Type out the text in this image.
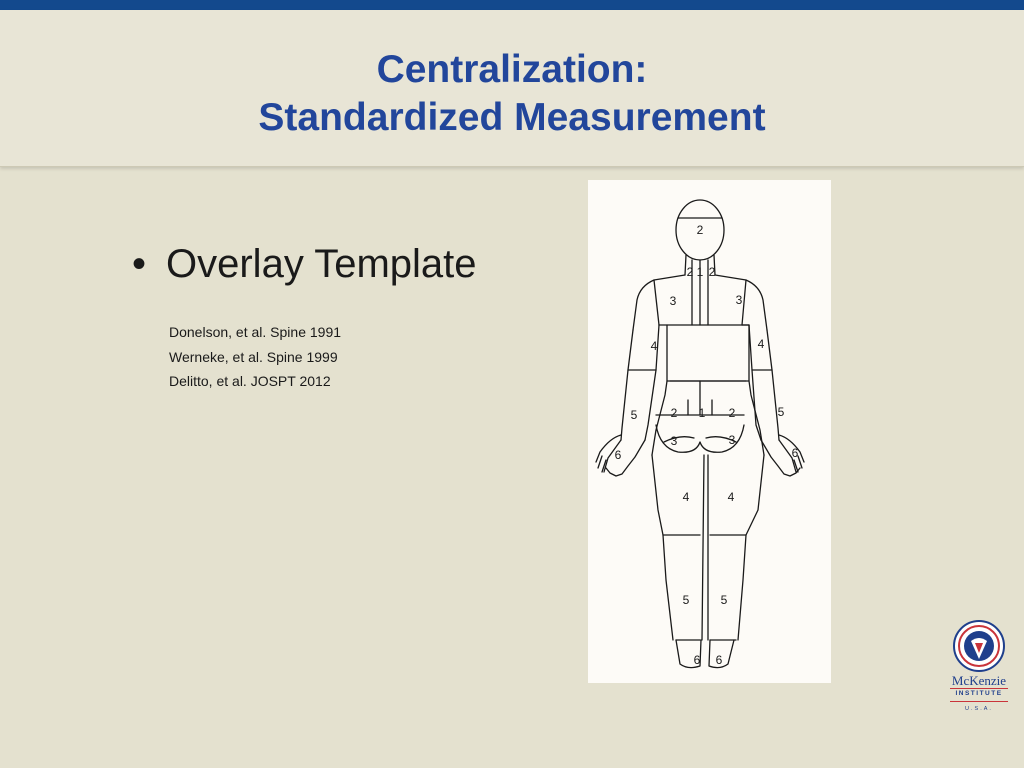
Centralization:
Standardized Measurement
• Overlay Template
Donelson, et al. Spine 1991
Werneke, et al. Spine 1999
Delitto, et al. JOSPT 2012
2
2 1 2
3	3
4	4
5	5
6	6
2 1 2
3	3
4	4
5	5
6 6
McKenzie
INSTITUTE
U.S.A.
